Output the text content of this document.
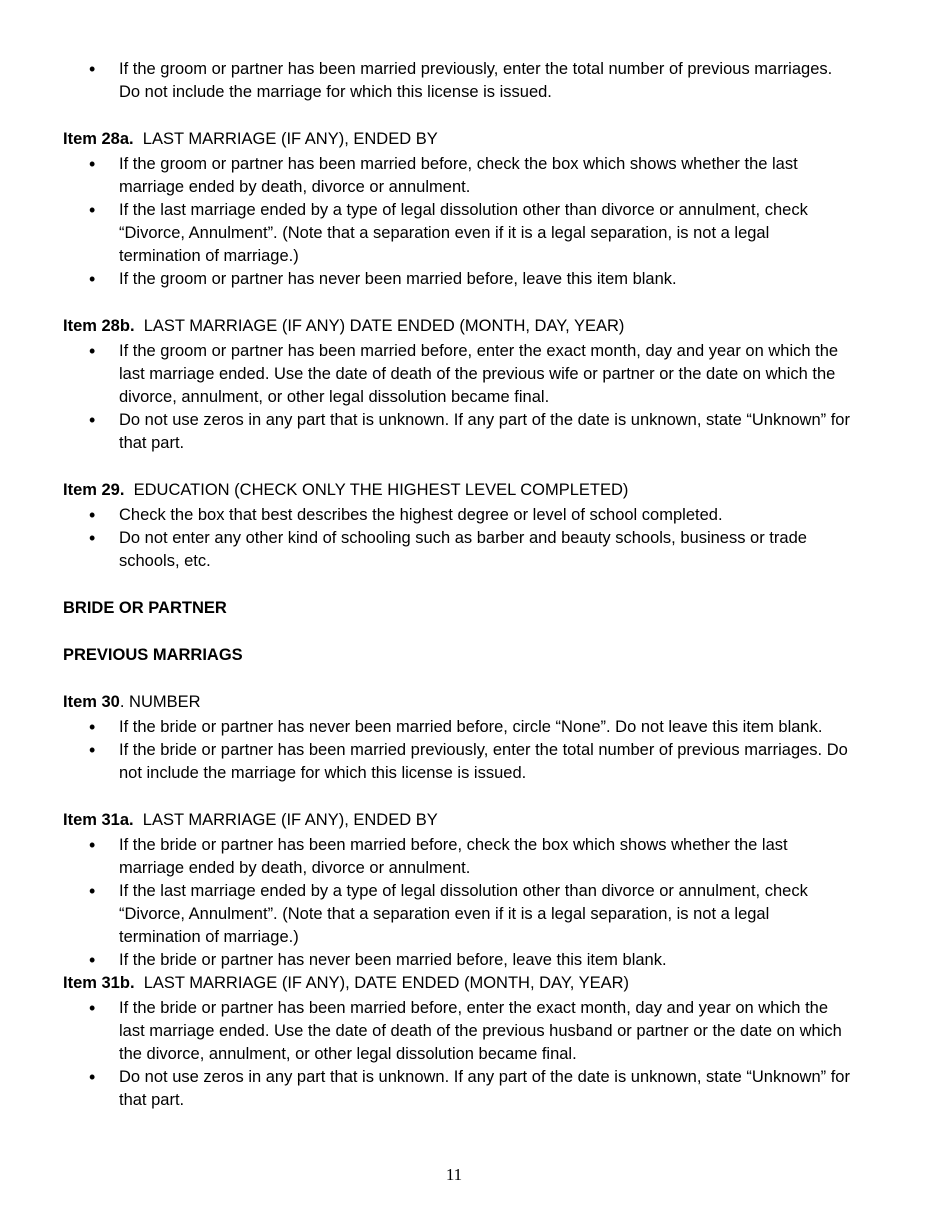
• If the groom or partner has been married previously, enter the total number of previous marriages. Do not include the marriage for which this license is issued.

Item 28a. LAST MARRIAGE (IF ANY), ENDED BY

• If the groom or partner has been married before, check the box which shows whether the last marriage ended by death, divorce or annulment.
• If the last marriage ended by a type of legal dissolution other than divorce or annulment, check “Divorce, Annulment”. (Note that a separation even if it is a legal separation, is not a legal termination of marriage.)
• If the groom or partner has never been married before, leave this item blank.

Item 28b. LAST MARRIAGE (IF ANY) DATE ENDED (MONTH, DAY, YEAR)

• If the groom or partner has been married before, enter the exact month, day and year on which the last marriage ended. Use the date of death of the previous wife or partner or the date on which the divorce, annulment, or other legal dissolution became final.
• Do not use zeros in any part that is unknown. If any part of the date is unknown, state “Unknown” for that part.

Item 29. EDUCATION (CHECK ONLY THE HIGHEST LEVEL COMPLETED)

• Check the box that best describes the highest degree or level of school completed.
• Do not enter any other kind of schooling such as barber and beauty schools, business or trade schools, etc.

BRIDE OR PARTNER

PREVIOUS MARRIAGS

Item 30. NUMBER

• If the bride or partner has never been married before, circle “None”. Do not leave this item blank.
• If the bride or partner has been married previously, enter the total number of previous marriages. Do not include the marriage for which this license is issued.

Item 31a. LAST MARRIAGE (IF ANY), ENDED BY

• If the bride or partner has been married before, check the box which shows whether the last marriage ended by death, divorce or annulment.
• If the last marriage ended by a type of legal dissolution other than divorce or annulment, check “Divorce, Annulment”. (Note that a separation even if it is a legal separation, is not a legal termination of marriage.)
• If the bride or partner has never been married before, leave this item blank.

Item 31b. LAST MARRIAGE (IF ANY), DATE ENDED (MONTH, DAY, YEAR)

• If the bride or partner has been married before, enter the exact month, day and year on which the last marriage ended. Use the date of death of the previous husband or partner or the date on which the divorce, annulment, or other legal dissolution became final.
• Do not use zeros in any part that is unknown. If any part of the date is unknown, state “Unknown” for that part.
11
